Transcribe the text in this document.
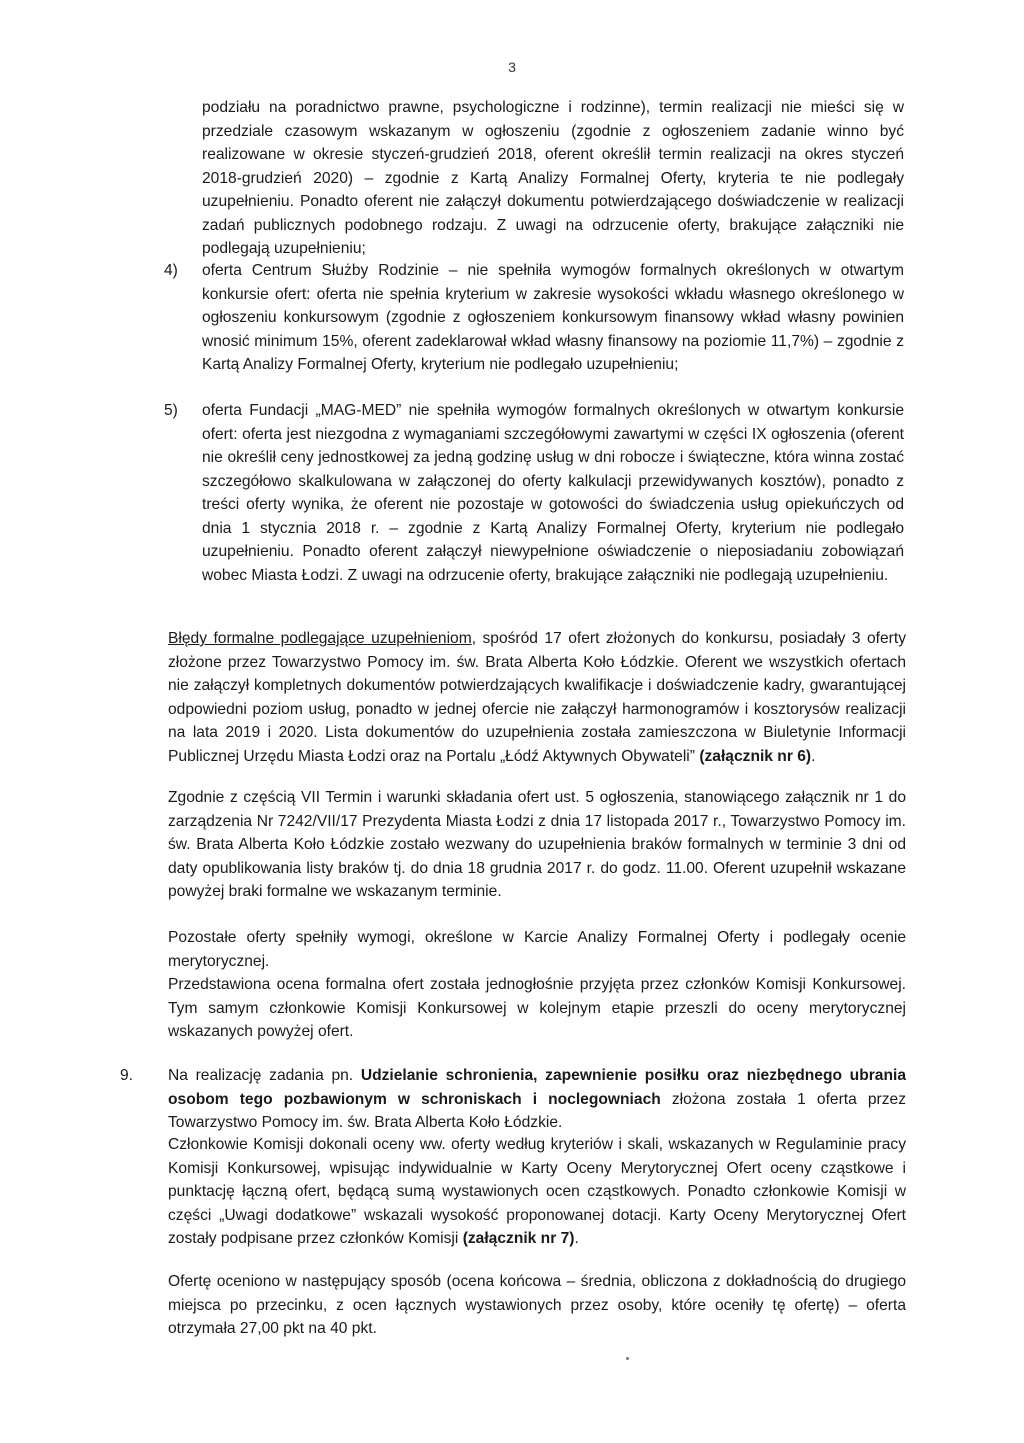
3

podziału na poradnictwo prawne, psychologiczne i rodzinne), termin realizacji nie mieści się w przedziale czasowym wskazanym w ogłoszeniu (zgodnie z ogłoszeniem zadanie winno być realizowane w okresie styczeń-grudzień 2018, oferent określił termin realizacji na okres styczeń 2018-grudzień 2020) – zgodnie z Kartą Analizy Formalnej Oferty, kryteria te nie podlegały uzupełnieniu. Ponadto oferent nie załączył dokumentu potwierdzającego doświadczenie w realizacji zadań publicznych podobnego rodzaju. Z uwagi na odrzucenie oferty, brakujące załączniki nie podlegają uzupełnieniu;

4) oferta Centrum Służby Rodzinie – nie spełniła wymogów formalnych określonych w otwartym konkursie ofert: oferta nie spełnia kryterium w zakresie wysokości wkładu własnego określonego w ogłoszeniu konkursowym (zgodnie z ogłoszeniem konkursowym finansowy wkład własny powinien wnosić minimum 15%, oferent zadeklarował wkład własny finansowy na poziomie 11,7%) – zgodnie z Kartą Analizy Formalnej Oferty, kryterium nie podlegało uzupełnieniu;

5) oferta Fundacji „MAG-MED” nie spełniła wymogów formalnych określonych w otwartym konkursie ofert: oferta jest niezgodna z wymaganiami szczegółowymi zawartymi w części IX ogłoszenia (oferent nie określił ceny jednostkowej za jedną godzinę usług w dni robocze i świąteczne, która winna zostać szczegółowo skalkulowana w załączonej do oferty kalkulacji przewidywanych kosztów), ponadto z treści oferty wynika, że oferent nie pozostaje w gotowości do świadczenia usług opiekuńczych od dnia 1 stycznia 2018 r. – zgodnie z Kartą Analizy Formalnej Oferty, kryterium nie podlegało uzupełnieniu. Ponadto oferent załączył niewypełnione oświadczenie o nieposiadaniu zobowiązań wobec Miasta Łodzi. Z uwagi na odrzucenie oferty, brakujące załączniki nie podlegają uzupełnieniu.

Błędy formalne podlegające uzupełnieniom, spośród 17 ofert złożonych do konkursu, posiadały 3 oferty złożone przez Towarzystwo Pomocy im. św. Brata Alberta Koło Łódzkie. Oferent we wszystkich ofertach nie załączył kompletnych dokumentów potwierdzających kwalifikacje i doświadczenie kadry, gwarantującej odpowiedni poziom usług, ponadto w jednej ofercie nie załączył harmonogramów i kosztorysów realizacji na lata 2019 i 2020. Lista dokumentów do uzupełnienia została zamieszczona w Biuletynie Informacji Publicznej Urzędu Miasta Łodzi oraz na Portalu „Łódź Aktywnych Obywateli” (załącznik nr 6).

Zgodnie z częścią VII Termin i warunki składania ofert ust. 5 ogłoszenia, stanowiącego załącznik nr 1 do zarządzenia Nr 7242/VII/17 Prezydenta Miasta Łodzi z dnia 17 listopada 2017 r., Towarzystwo Pomocy im. św. Brata Alberta Koło Łódzkie zostało wezwany do uzupełnienia braków formalnych w terminie 3 dni od daty opublikowania listy braków tj. do dnia 18 grudnia 2017 r. do godz. 11.00. Oferent uzupełnił wskazane powyżej braki formalne we wskazanym terminie.

Pozostałe oferty spełniły wymogi, określone w Karcie Analizy Formalnej Oferty i podlegały ocenie merytorycznej.

Przedstawiona ocena formalna ofert została jednogłośnie przyjęta przez członków Komisji Konkursowej. Tym samym członkowie Komisji Konkursowej w kolejnym etapie przeszli do oceny merytorycznej wskazanych powyżej ofert.

9. Na realizację zadania pn. Udzielanie schronienia, zapewnienie posiłku oraz niezbędnego ubrania osobom tego pozbawionym w schroniskach i noclegowniach złożona została 1 oferta przez Towarzystwo Pomocy im. św. Brata Alberta Koło Łódzkie.

Członkowie Komisji dokonali oceny ww. oferty według kryteriów i skali, wskazanych w Regulaminie pracy Komisji Konkursowej, wpisując indywidualnie w Karty Oceny Merytorycznej Ofert oceny cząstkowe i punktację łączną ofert, będącą sumą wystawionych ocen cząstkowych. Ponadto członkowie Komisji w części „Uwagi dodatkowe” wskazali wysokość proponowanej dotacji. Karty Oceny Merytorycznej Ofert zostały podpisane przez członków Komisji (załącznik nr 7).

Ofertę oceniono w następujący sposób (ocena końcowa – średnia, obliczona z dokładnością do drugiego miejsca po przecinku, z ocen łącznych wystawionych przez osoby, które oceniły tę ofertę) – oferta otrzymała 27,00 pkt na 40 pkt.
